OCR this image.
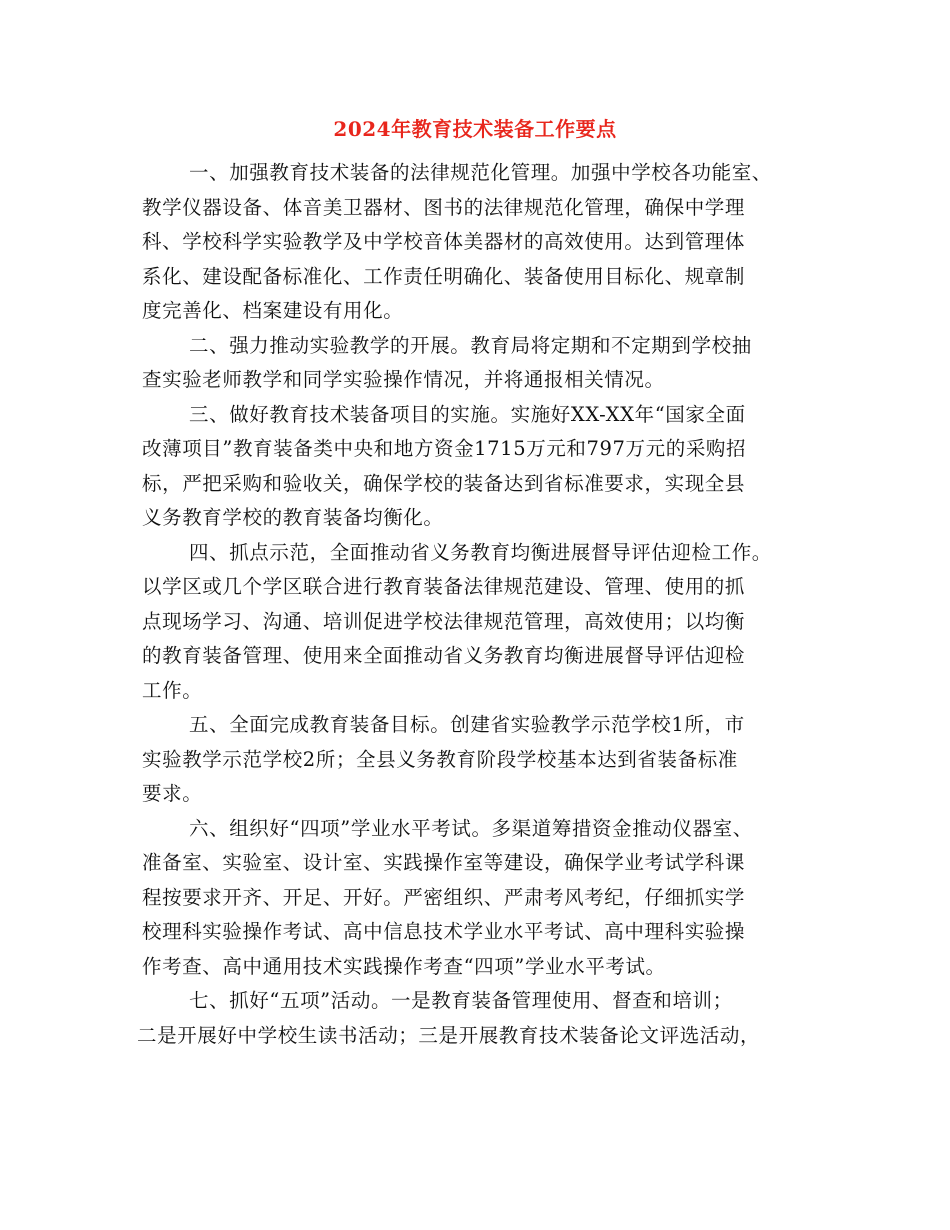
2024年教育技术装备工作要点
一、加强教育技术装备的法律规范化管理。加强中学校各功能室、
教学仪器设备、体音美卫器材、图书的法律规范化管理，确保中学理
科、学校科学实验教学及中学校音体美器材的高效使用。达到管理体
系化、建设配备标准化、工作责任明确化、装备使用目标化、规章制
度完善化、档案建设有用化。
二、强力推动实验教学的开展。教育局将定期和不定期到学校抽
查实验老师教学和同学实验操作情况，并将通报相关情况。
三、做好教育技术装备项目的实施。实施好XX-XX年“国家全面
改薄项目”教育装备类中央和地方资金1715万元和797万元的采购招
标，严把采购和验收关，确保学校的装备达到省标准要求，实现全县
义务教育学校的教育装备均衡化。
四、抓点示范，全面推动省义务教育均衡进展督导评估迎检工作。
以学区或几个学区联合进行教育装备法律规范建设、管理、使用的抓
点现场学习、沟通、培训促进学校法律规范管理，高效使用；以均衡
的教育装备管理、使用来全面推动省义务教育均衡进展督导评估迎检
工作。
五、全面完成教育装备目标。创建省实验教学示范学校1所，市
实验教学示范学校2所；全县义务教育阶段学校基本达到省装备标准
要求。
六、组织好“四项”学业水平考试。多渠道筹措资金推动仪器室、
准备室、实验室、设计室、实践操作室等建设，确保学业考试学科课
程按要求开齐、开足、开好。严密组织、严肃考风考纪，仔细抓实学
校理科实验操作考试、高中信息技术学业水平考试、高中理科实验操
作考查、高中通用技术实践操作考查“四项”学业水平考试。
七、抓好“五项”活动。一是教育装备管理使用、督查和培训；
二是开展好中学校生读书活动；三是开展教育技术装备论文评选活动，
